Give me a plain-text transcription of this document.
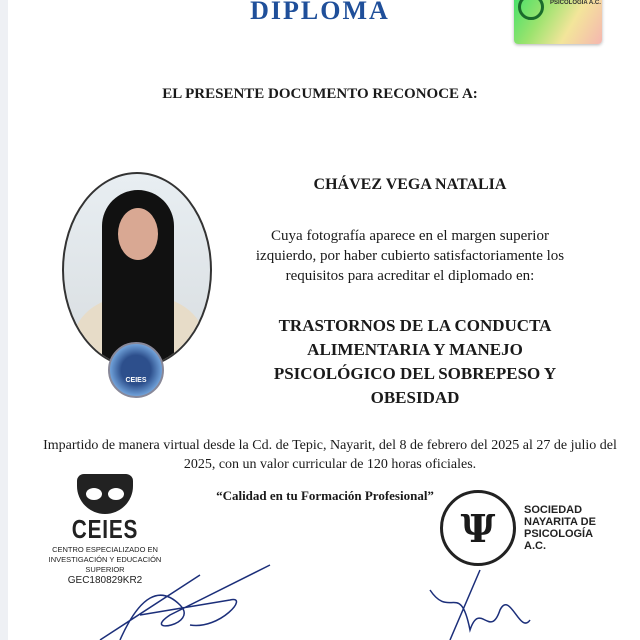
DIPLOMA	PSICOLOGÍA A.C.
EL PRESENTE DOCUMENTO RECONOCE A:
CEIES
CHÁVEZ VEGA NATALIA
Cuya fotografía aparece en el margen superior izquierdo, por haber cubierto satisfactoriamente los requisitos para acreditar el diplomado en:
TRASTORNOS DE LA CONDUCTA ALIMENTARIA Y MANEJO PSICOLÓGICO DEL SOBREPESO Y OBESIDAD
Impartido de manera virtual desde la Cd. de Tepic, Nayarit, del 8 de febrero del 2025 al 27 de julio del 2025, con un valor curricular de 120 horas oficiales.
“Calidad en tu Formación Profesional”
CEIES
CENTRO ESPECIALIZADO EN INVESTIGACIÓN Y EDUCACIÓN SUPERIOR
GEC180829KR2
Ψ	SOCIEDAD
NAYARITA DE
PSICOLOGÍA
A.C.
